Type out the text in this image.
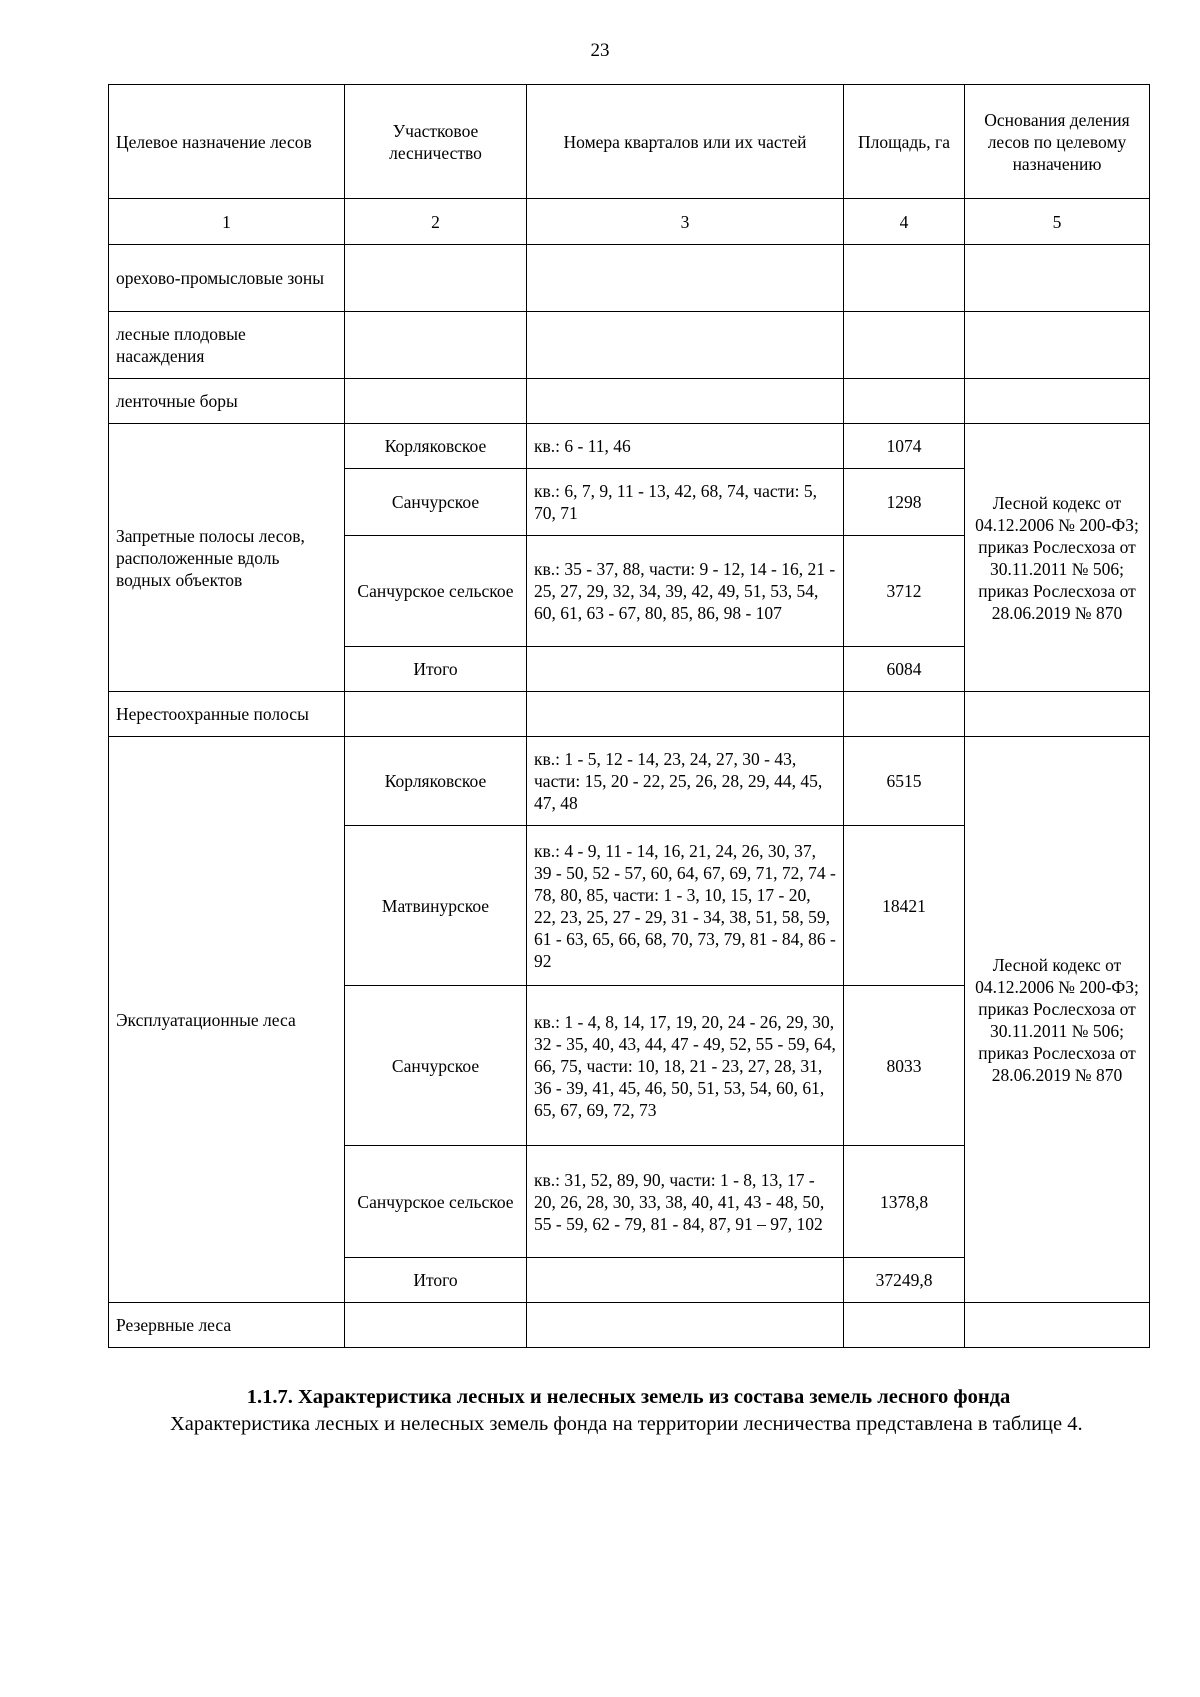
23
Целевое назначение лесов	Участковое лесничество	Номера кварталов или их частей	Площадь, га	Основания деления лесов по целевому назначению
1	2	3	4	5
орехово-промысловые зоны				
лесные плодовые насаждения				
ленточные боры				
Запретные полосы лесов, расположенные вдоль водных объектов	Корляковское	кв.: 6 - 11, 46	1074	Лесной кодекс от 04.12.2006 № 200-ФЗ; приказ Рослесхоза от 30.11.2011 № 506; приказ Рослесхоза от 28.06.2019 № 870
	Санчурское	кв.: 6, 7, 9, 11 - 13, 42, 68, 74, части: 5, 70, 71	1298	
	Санчурское сельское	кв.: 35 - 37, 88, части: 9 - 12, 14 - 16, 21 - 25, 27, 29, 32, 34, 39, 42, 49, 51, 53, 54, 60, 61, 63 - 67, 80, 85, 86, 98 - 107	3712	
	Итого		6084	
Нерестоохранные полосы				
Эксплуатационные леса	Корляковское	кв.: 1 - 5, 12 - 14, 23, 24, 27, 30 - 43, части: 15, 20 - 22, 25, 26, 28, 29, 44, 45, 47, 48	6515	Лесной кодекс от 04.12.2006 № 200-ФЗ; приказ Рослесхоза от 30.11.2011 № 506; приказ Рослесхоза от 28.06.2019 № 870
	Матвинурское	кв.: 4 - 9, 11 - 14, 16, 21, 24, 26, 30, 37, 39 - 50, 52 - 57, 60, 64, 67, 69, 71, 72, 74 - 78, 80, 85, части: 1 - 3, 10, 15, 17 - 20, 22, 23, 25, 27 - 29, 31 - 34, 38, 51, 58, 59, 61 - 63, 65, 66, 68, 70, 73, 79, 81 - 84, 86 - 92	18421	
	Санчурское	кв.: 1 - 4, 8, 14, 17, 19, 20, 24 - 26, 29, 30, 32 - 35, 40, 43, 44, 47 - 49, 52, 55 - 59, 64, 66, 75, части: 10, 18, 21 - 23, 27, 28, 31, 36 - 39, 41, 45, 46, 50, 51, 53, 54, 60, 61, 65, 67, 69, 72, 73	8033	
	Санчурское сельское	кв.: 31, 52, 89, 90, части: 1 - 8, 13, 17 - 20, 26, 28, 30, 33, 38, 40, 41, 43 - 48, 50, 55 - 59, 62 - 79, 81 - 84, 87, 91 – 97, 102	1378,8	
	Итого		37249,8	
Резервные леса				
1.1.7. Характеристика лесных и нелесных земель из состава земель лесного фонда

Характеристика лесных и нелесных земель фонда на территории лесничества представлена в таблице 4.
